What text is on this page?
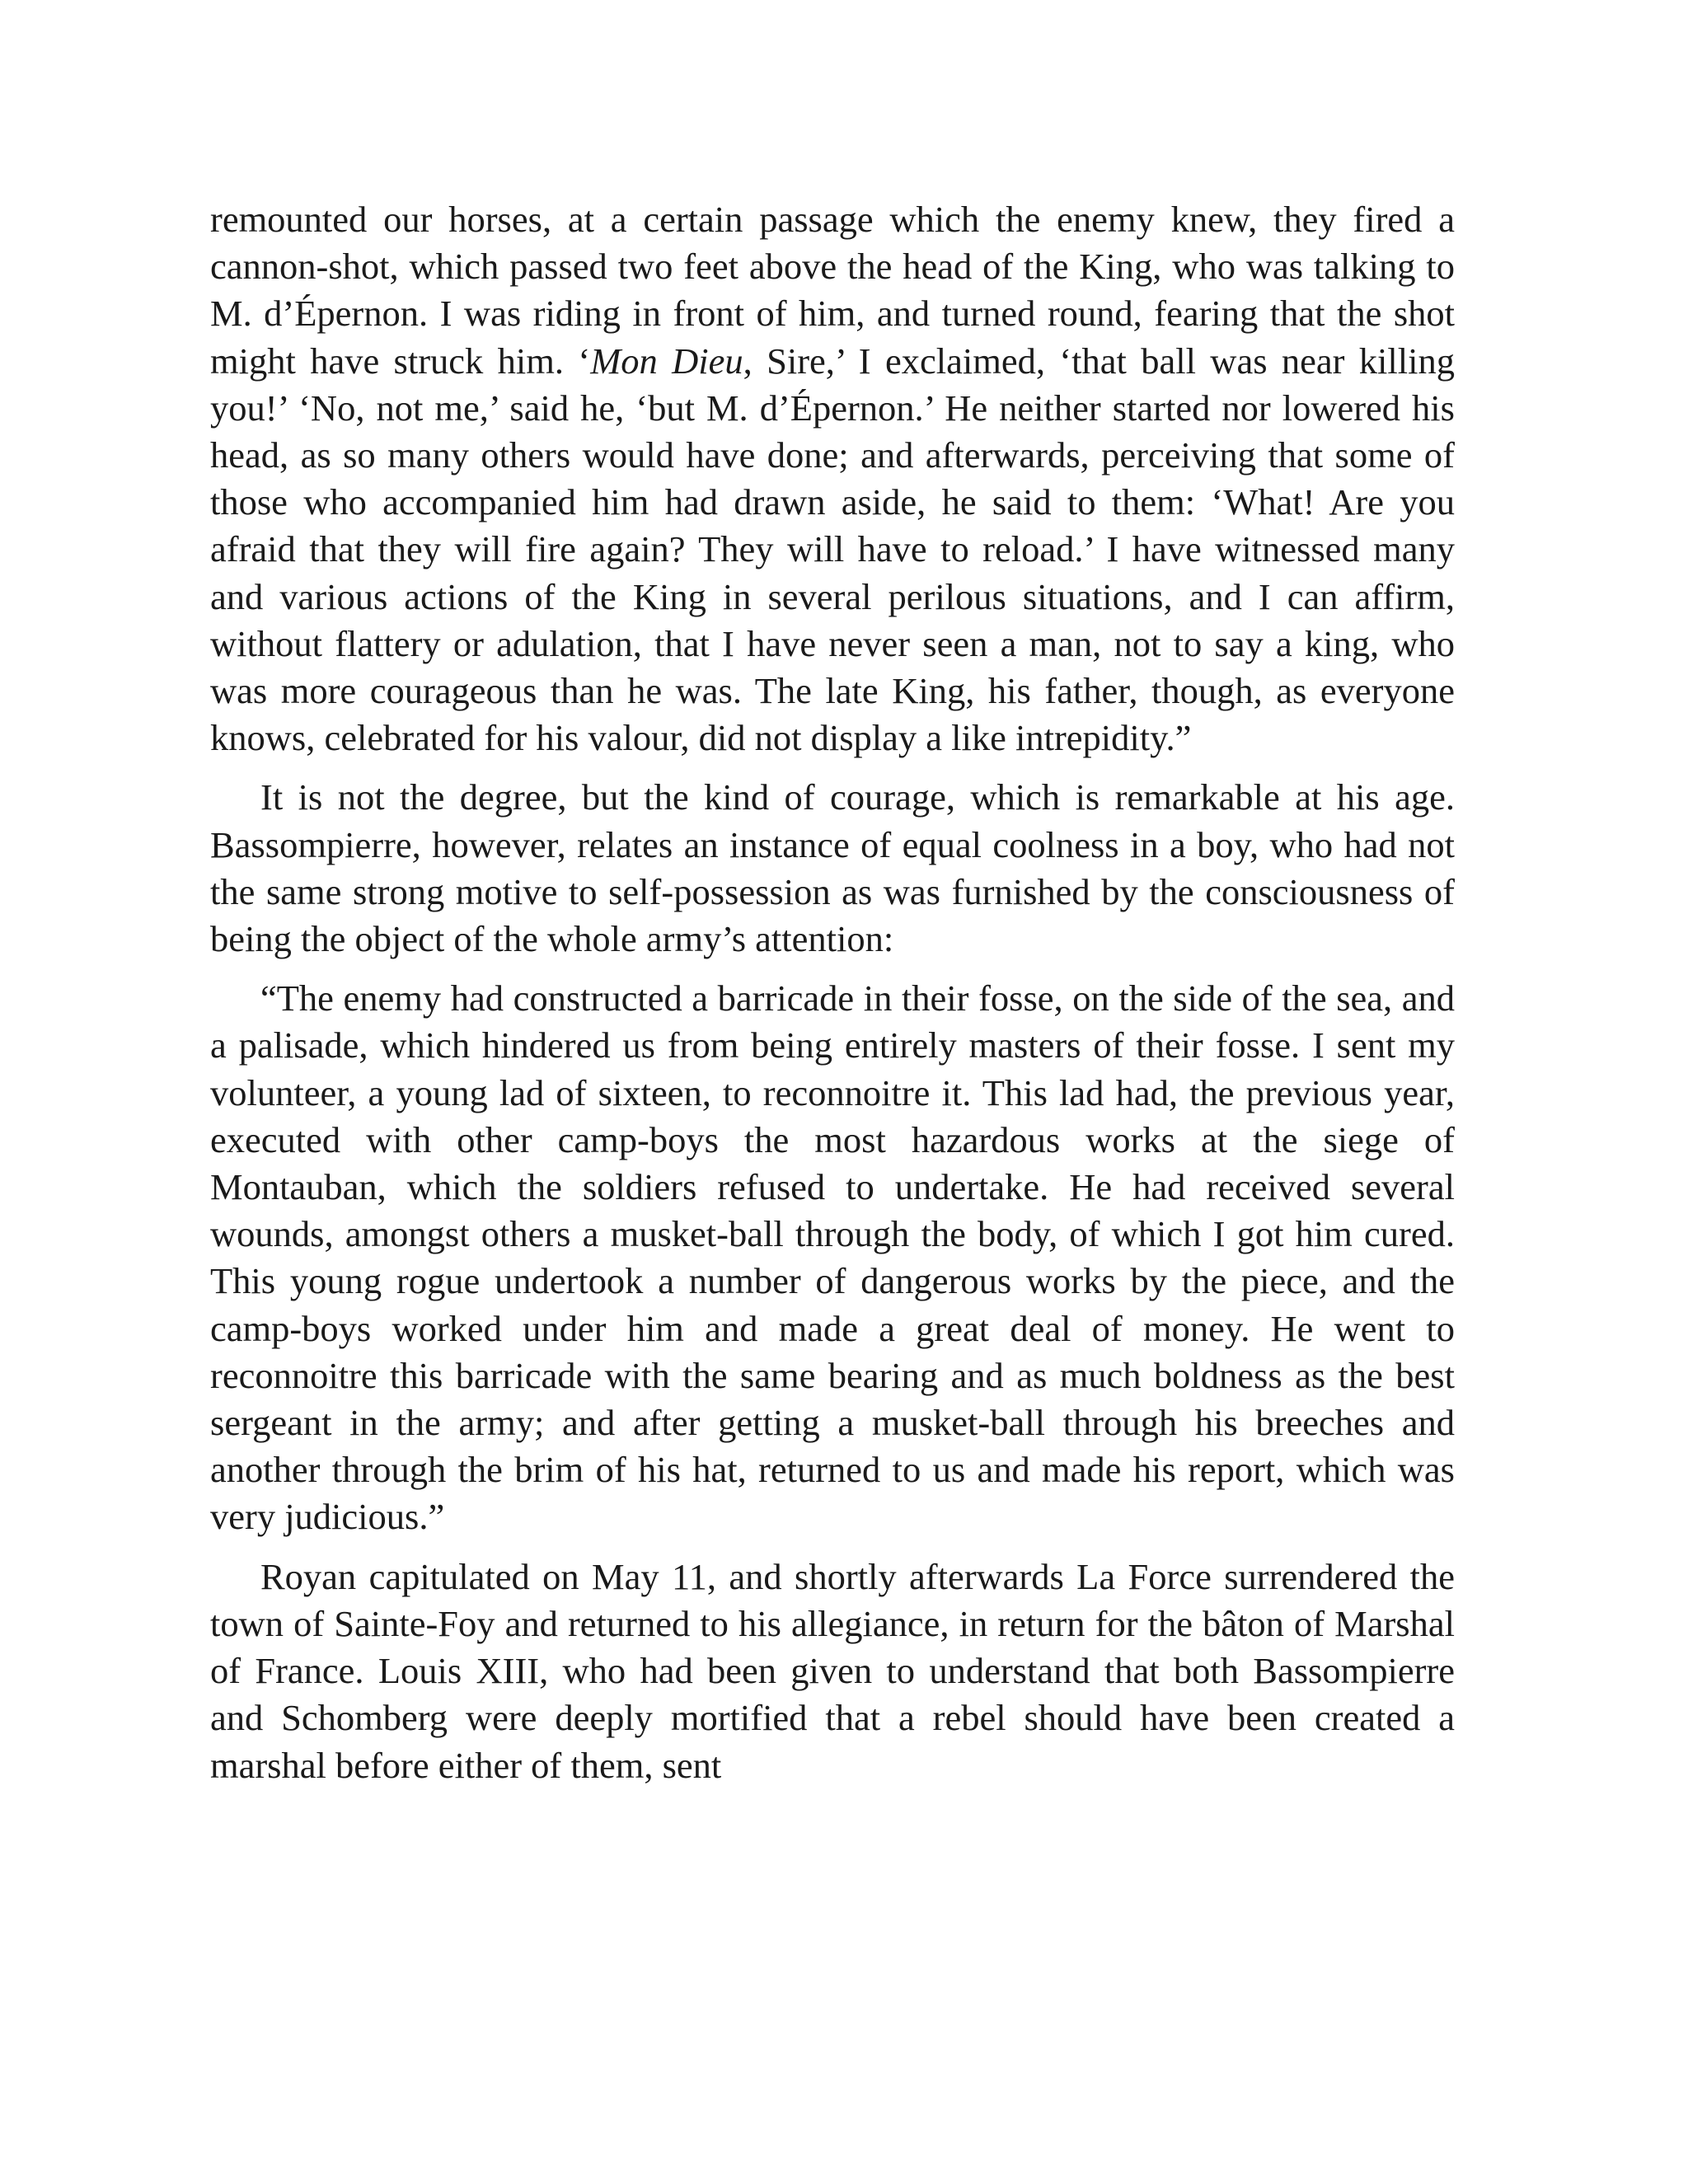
remounted our horses, at a certain passage which the enemy knew, they fired a cannon-shot, which passed two feet above the head of the King, who was talking to M. d’Épernon. I was riding in front of him, and turned round, fearing that the shot might have struck him. ‘Mon Dieu, Sire,’ I exclaimed, ‘that ball was near killing you!’ ‘No, not me,’ said he, ‘but M. d’Épernon.’ He neither started nor lowered his head, as so many others would have done; and afterwards, perceiving that some of those who accompanied him had drawn aside, he said to them: ‘What! Are you afraid that they will fire again? They will have to reload.’ I have witnessed many and various actions of the King in several perilous situations, and I can affirm, without flattery or adulation, that I have never seen a man, not to say a king, who was more courageous than he was. The late King, his father, though, as everyone knows, celebrated for his valour, did not display a like intrepidity.”

It is not the degree, but the kind of courage, which is remarkable at his age. Bassompierre, however, relates an instance of equal coolness in a boy, who had not the same strong motive to self-possession as was furnished by the consciousness of being the object of the whole army’s attention:

“The enemy had constructed a barricade in their fosse, on the side of the sea, and a palisade, which hindered us from being entirely masters of their fosse. I sent my volunteer, a young lad of sixteen, to reconnoitre it. This lad had, the previous year, executed with other camp-boys the most hazardous works at the siege of Montauban, which the soldiers refused to undertake. He had received several wounds, amongst others a musket-ball through the body, of which I got him cured. This young rogue undertook a number of dangerous works by the piece, and the camp-boys worked under him and made a great deal of money. He went to reconnoitre this barricade with the same bearing and as much boldness as the best sergeant in the army; and after getting a musket-ball through his breeches and another through the brim of his hat, returned to us and made his report, which was very judicious.”

Royan capitulated on May 11, and shortly afterwards La Force surrendered the town of Sainte-Foy and returned to his allegiance, in return for the bâton of Marshal of France. Louis XIII, who had been given to understand that both Bassompierre and Schomberg were deeply mortified that a rebel should have been created a marshal before either of them, sent
